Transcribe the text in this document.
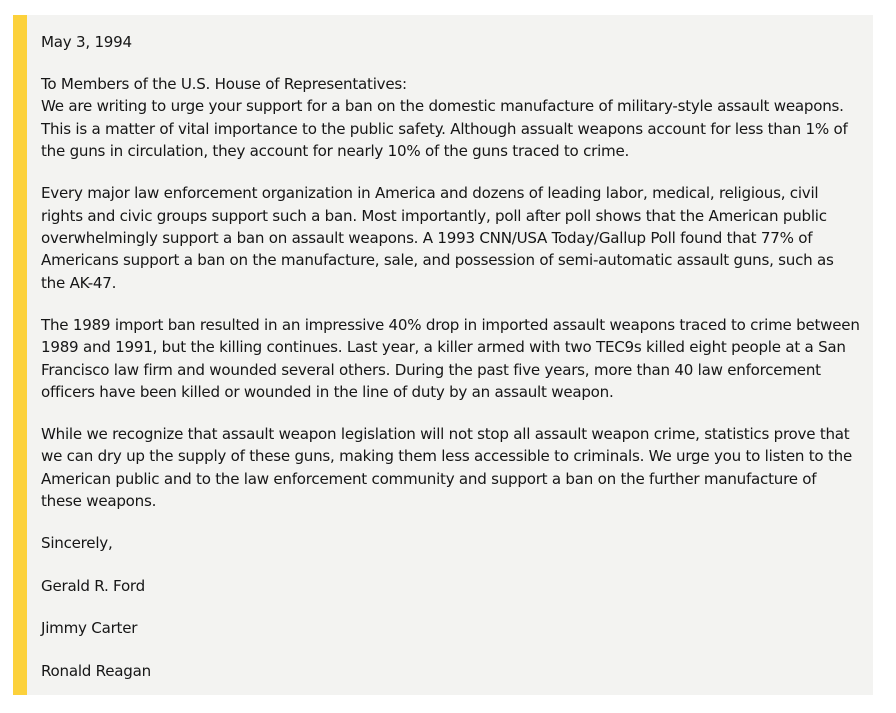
May 3, 1994

To Members of the U.S. House of Representatives:

We are writing to urge your support for a ban on the domestic manufacture of military-style assault weapons. This is a matter of vital importance to the public safety. Although assualt weapons account for less than 1% of the guns in circulation, they account for nearly 10% of the guns traced to crime.

Every major law enforcement organization in America and dozens of leading labor, medical, religious, civil rights and civic groups support such a ban. Most importantly, poll after poll shows that the American public overwhelmingly support a ban on assault weapons. A 1993 CNN/USA Today/Gallup Poll found that 77% of Americans support a ban on the manufacture, sale, and possession of semi-automatic assault guns, such as the AK-47.

The 1989 import ban resulted in an impressive 40% drop in imported assault weapons traced to crime between 1989 and 1991, but the killing continues. Last year, a killer armed with two TEC9s killed eight people at a San Francisco law firm and wounded several others. During the past five years, more than 40 law enforcement officers have been killed or wounded in the line of duty by an assault weapon.

While we recognize that assault weapon legislation will not stop all assault weapon crime, statistics prove that we can dry up the supply of these guns, making them less accessible to criminals. We urge you to listen to the American public and to the law enforcement community and support a ban on the further manufacture of these weapons.

Sincerely,

Gerald R. Ford

Jimmy Carter

Ronald Reagan
